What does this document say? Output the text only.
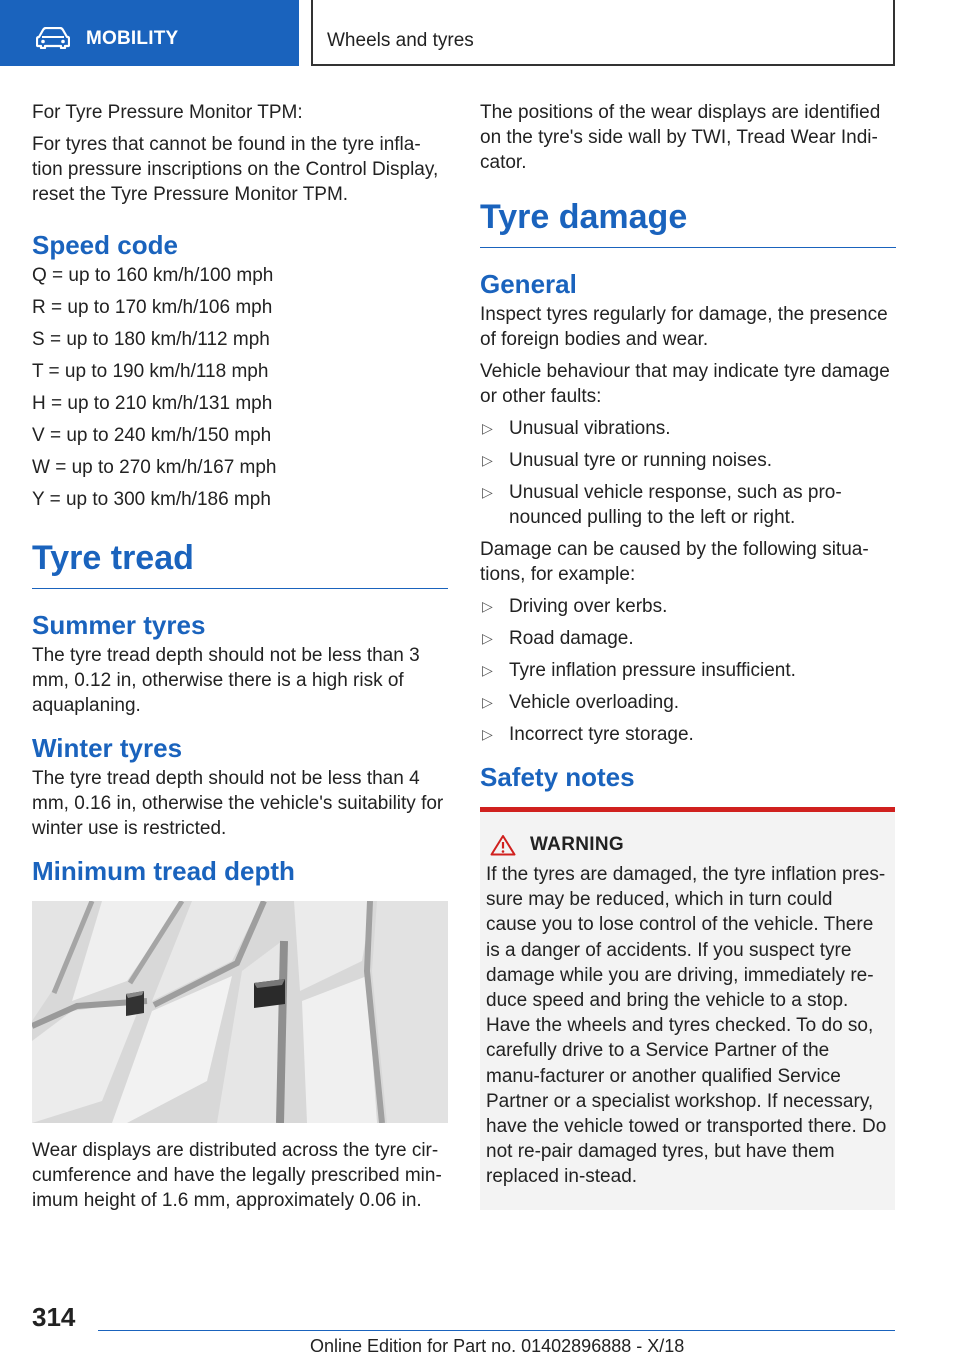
MOBILITY	Wheels and tyres

For Tyre Pressure Monitor TPM:

For tyres that cannot be found in the tyre infla-tion pressure inscriptions on the Control Display, reset the Tyre Pressure Monitor TPM.

Speed code
Q = up to 160 km/h/100 mph
R = up to 170 km/h/106 mph
S = up to 180 km/h/112 mph
T = up to 190 km/h/118 mph
H = up to 210 km/h/131 mph
V = up to 240 km/h/150 mph
W = up to 270 km/h/167 mph
Y = up to 300 km/h/186 mph
Tyre tread
Summer tyres

The tyre tread depth should not be less than 3 mm, 0.12 in, otherwise there is a high risk of aquaplaning.

Winter tyres

The tyre tread depth should not be less than 4 mm, 0.16 in, otherwise the vehicle's suitability for winter use is restricted.

Minimum tread depth

Wear displays are distributed across the tyre cir-cumference and have the legally prescribed min-imum height of 1.6 mm, approximately 0.06 in.

The positions of the wear displays are identified on the tyre's side wall by TWI, Tread Wear Indi-cator.

Tyre damage
General

Inspect tyres regularly for damage, the presence of foreign bodies and wear.

Vehicle behaviour that may indicate tyre damage or other faults:

▷ Unusual vibrations.
▷ Unusual tyre or running noises.
▷ Unusual vehicle response, such as pro-nounced pulling to the left or right.

Damage can be caused by the following situa-tions, for example:

▷ Driving over kerbs.
▷ Road damage.
▷ Tyre inflation pressure insufficient.
▷ Vehicle overloading.
▷ Incorrect tyre storage.
Safety notes
WARNING

If the tyres are damaged, the tyre inflation pres-sure may be reduced, which in turn could cause you to lose control of the vehicle. There is a danger of accidents. If you suspect tyre damage while you are driving, immediately re-duce speed and bring the vehicle to a stop. Have the wheels and tyres checked. To do so, carefully drive to a Service Partner of the manu-facturer or another qualified Service Partner or a specialist workshop. If necessary, have the vehicle towed or transported there. Do not re-pair damaged tyres, but have them replaced in-stead.

314
Online Edition for Part no. 01402896888 - X/18
